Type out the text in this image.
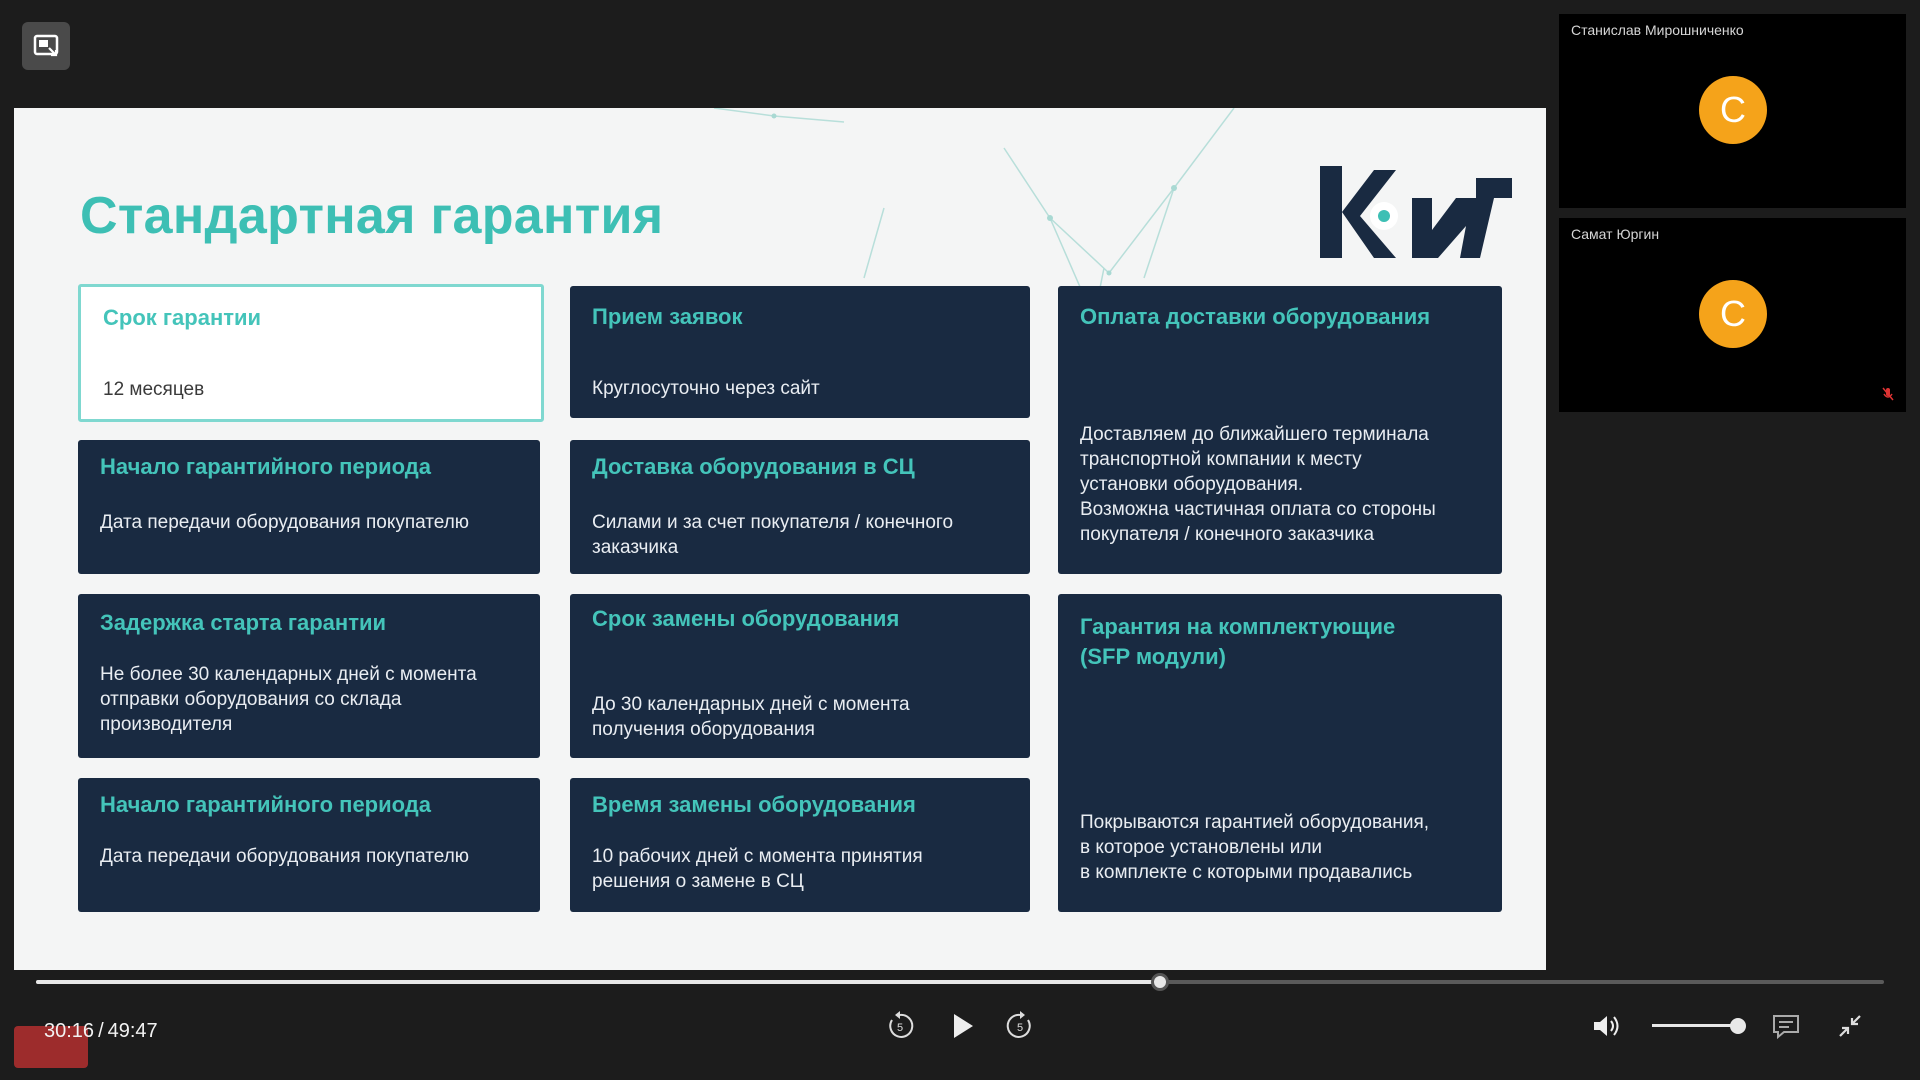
Стандартная гарантия
Срок гарантии
12 месяцев
Прием заявок
Круглосуточно через сайт
Оплата доставки оборудования
Доставляем до ближайшего терминала
транспортной компании к месту
установки оборудования.
Возможна частичная оплата со стороны
покупателя / конечного заказчика
Начало гарантийного периода
Дата передачи оборудования покупателю
Доставка оборудования в СЦ
Силами и за счет покупателя / конечного
заказчика
Задержка старта гарантии
Не более 30 календарных дней с момента
отправки оборудования со склада
производителя
Срок замены оборудования
До 30 календарных дней с момента
получения оборудования
Гарантия на комплектующие
(SFP модули)
Покрываются гарантией оборудования,
в которое установлены или
в комплекте с которыми продавались
Начало гарантийного периода
Дата передачи оборудования покупателю
Время замены оборудования
10 рабочих дней с момента принятия
решения о замене в СЦ
Станислав Мирошниченко
С
Самат Юргин
С
30:16 / 49:47	5	5
